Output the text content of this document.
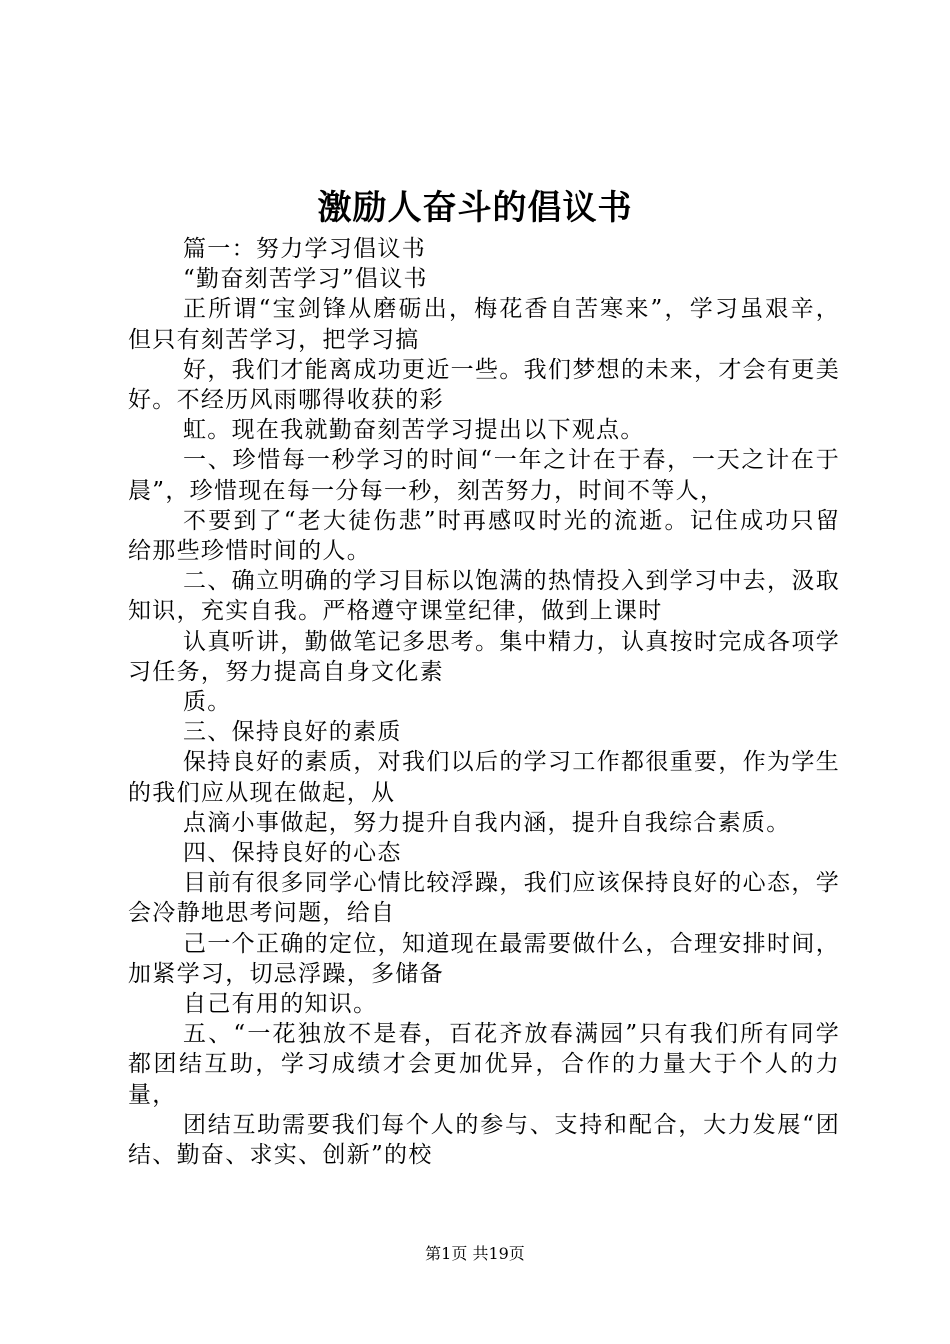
激励人奋斗的倡议书

篇一：努力学习倡议书

“勤奋刻苦学习”倡议书

正所谓“宝剑锋从磨砺出，梅花香自苦寒来”，学习虽艰辛，但只有刻苦学习，把学习搞

好，我们才能离成功更近一些。我们梦想的未来，才会有更美好。不经历风雨哪得收获的彩

虹。现在我就勤奋刻苦学习提出以下观点。

一、珍惜每一秒学习的时间“一年之计在于春，一天之计在于晨”，珍惜现在每一分每一秒，刻苦努力，时间不等人，

不要到了“老大徒伤悲”时再感叹时光的流逝。记住成功只留给那些珍惜时间的人。

二、确立明确的学习目标以饱满的热情投入到学习中去，汲取知识，充实自我。严格遵守课堂纪律，做到上课时

认真听讲，勤做笔记多思考。集中精力，认真按时完成各项学习任务，努力提高自身文化素

质。

三、保持良好的素质

保持良好的素质，对我们以后的学习工作都很重要，作为学生的我们应从现在做起，从

点滴小事做起，努力提升自我内涵，提升自我综合素质。

四、保持良好的心态

目前有很多同学心情比较浮躁，我们应该保持良好的心态，学会冷静地思考问题，给自

己一个正确的定位，知道现在最需要做什么，合理安排时间，加紧学习，切忌浮躁，多储备

自己有用的知识。

五、“一花独放不是春，百花齐放春满园”只有我们所有同学都团结互助，学习成绩才会更加优异，合作的力量大于个人的力量，

团结互助需要我们每个人的参与、支持和配合，大力发展“团结、勤奋、求实、创新”的校

第1页 共19页
